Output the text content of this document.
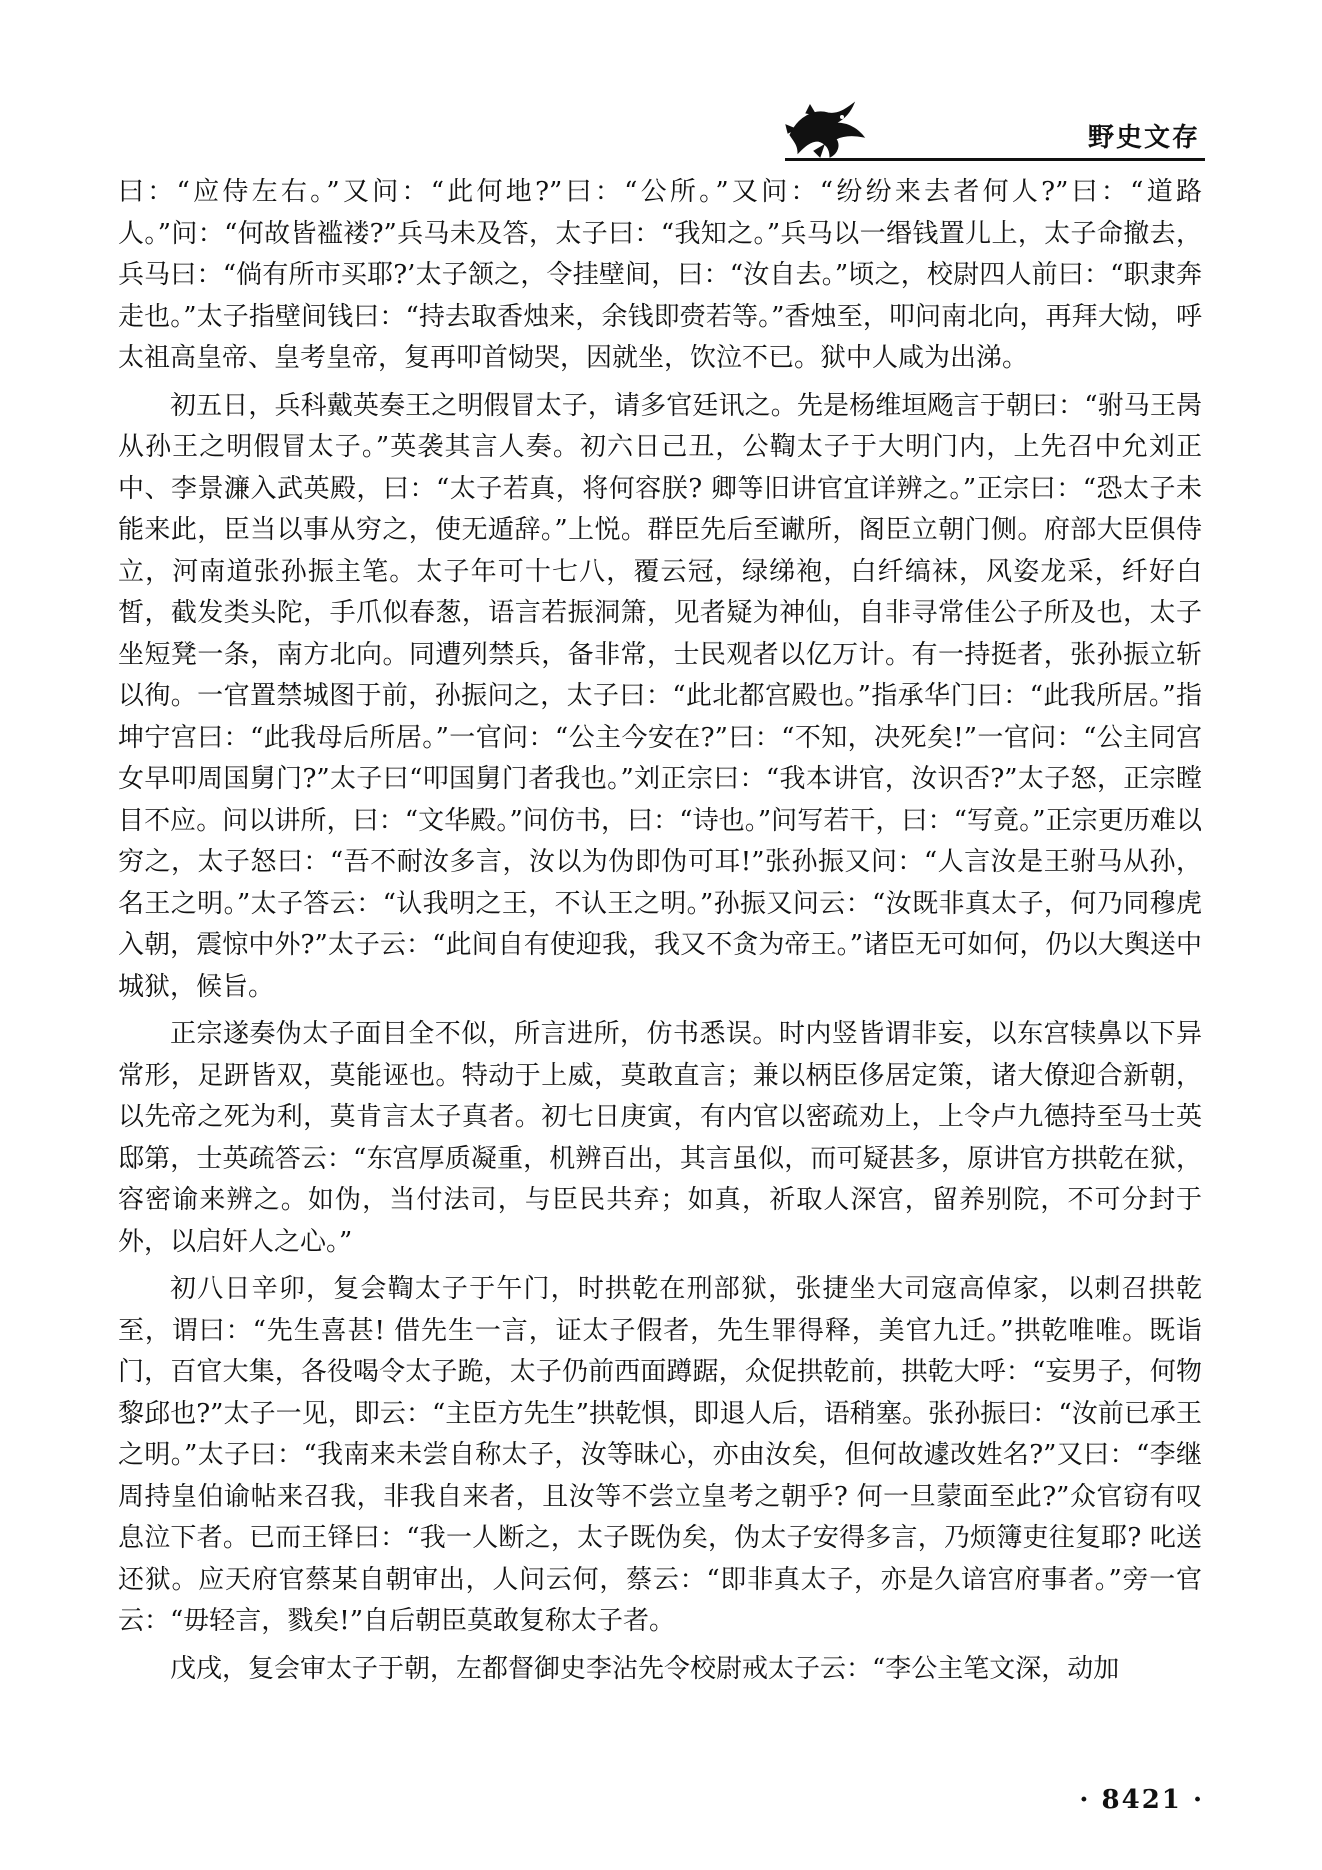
野史文存

曰：“应侍左右。”又问：“此何地?”曰：“公所。”又问：“纷纷来去者何人?”曰：“道路人。”问：“何故皆褴褛?”兵马未及答，太子曰：“我知之。”兵马以一缗钱置儿上，太子命撤去，兵马曰：“倘有所市买耶?’太子颔之，令挂壁间，曰：“汝自去。”顷之，校尉四人前曰：“职隶奔走也。”太子指壁间钱曰：“持去取香烛来，余钱即赍若等。”香烛至，叩问南北向，再拜大恸，呼太祖高皇帝、皇考皇帝，复再叩首恸哭，因就坐，饮泣不已。狱中人咸为出涕。

初五日，兵科戴英奏王之明假冒太子，请多官廷讯之。先是杨维垣飏言于朝曰：“驸马王昺从孙王之明假冒太子。”英袭其言人奏。初六日己丑，公鞫太子于大明门内，上先召中允刘正中、李景濂入武英殿，曰：“太子若真，将何容朕? 卿等旧讲官宜详辨之。”正宗曰：“恐太子未能来此，臣当以事从穷之，使无遁辞。”上悦。群臣先后至谳所，阁臣立朝门侧。府部大臣俱侍立，河南道张孙振主笔。太子年可十七八，覆云冠，绿绨袍，白纤缟袜，风姿龙采，纤好白皙，截发类头陀，手爪似春葱，语言若振洞箫，见者疑为神仙，自非寻常佳公子所及也，太子坐短凳一条，南方北向。同遭列禁兵，备非常，士民观者以亿万计。有一持挺者，张孙振立斩以徇。一官置禁城图于前，孙振问之，太子曰：“此北都宫殿也。”指承华门曰：“此我所居。”指坤宁宫曰：“此我母后所居。”一官问：“公主今安在?”曰：“不知，决死矣!”一官问：“公主同宫女早叩周国舅门?”太子曰“叩国舅门者我也。”刘正宗曰：“我本讲官，汝识否?”太子怒，正宗瞠目不应。问以讲所，曰：“文华殿。”问仿书，曰：“诗也。”问写若干，曰：“写竟。”正宗更历难以穷之，太子怒曰：“吾不耐汝多言，汝以为伪即伪可耳!”张孙振又问：“人言汝是王驸马从孙，名王之明。”太子答云：“认我明之王，不认王之明。”孙振又问云：“汝既非真太子，何乃同穆虎入朝，震惊中外?”太子云：“此间自有使迎我，我又不贪为帝王。”诸臣无可如何，仍以大舆送中城狱，候旨。

正宗遂奏伪太子面目全不似，所言进所，仿书悉误。时内竖皆谓非妄，以东宫犊鼻以下异常形，足趼皆双，莫能诬也。特动于上威，莫敢直言；兼以柄臣侈居定策，诸大僚迎合新朝，以先帝之死为利，莫肯言太子真者。初七日庚寅，有内官以密疏劝上，上令卢九德持至马士英邸第，士英疏答云：“东宫厚质凝重，机辨百出，其言虽似，而可疑甚多，原讲官方拱乾在狱，容密谕来辨之。如伪，当付法司，与臣民共弃；如真，祈取人深宫，留养别院，不可分封于外，以启奸人之心。”

初八日辛卯，复会鞫太子于午门，时拱乾在刑部狱，张捷坐大司寇高倬家，以刺召拱乾至，谓曰：“先生喜甚! 借先生一言，证太子假者，先生罪得释，美官九迁。”拱乾唯唯。既诣门，百官大集，各役喝令太子跪，太子仍前西面蹲踞，众促拱乾前，拱乾大呼：“妄男子，何物黎邱也?”太子一见，即云：“主臣方先生”拱乾惧，即退人后，语稍塞。张孙振曰：“汝前已承王之明。”太子曰：“我南来未尝自称太子，汝等昧心，亦由汝矣，但何故遽改姓名?”又曰：“李继周持皇伯谕帖来召我，非我自来者，且汝等不尝立皇考之朝乎? 何一旦蒙面至此?”众官窃有叹息泣下者。已而王铎曰：“我一人断之，太子既伪矣，伪太子安得多言，乃烦簿吏往复耶? 叱送还狱。应天府官蔡某自朝审出，人问云何，蔡云：“即非真太子，亦是久谙宫府事者。”旁一官云：“毋轻言，戮矣!”自后朝臣莫敢复称太子者。

戊戌，复会审太子于朝，左都督御史李沾先令校尉戒太子云：“李公主笔文深，动加

· 8421 ·
